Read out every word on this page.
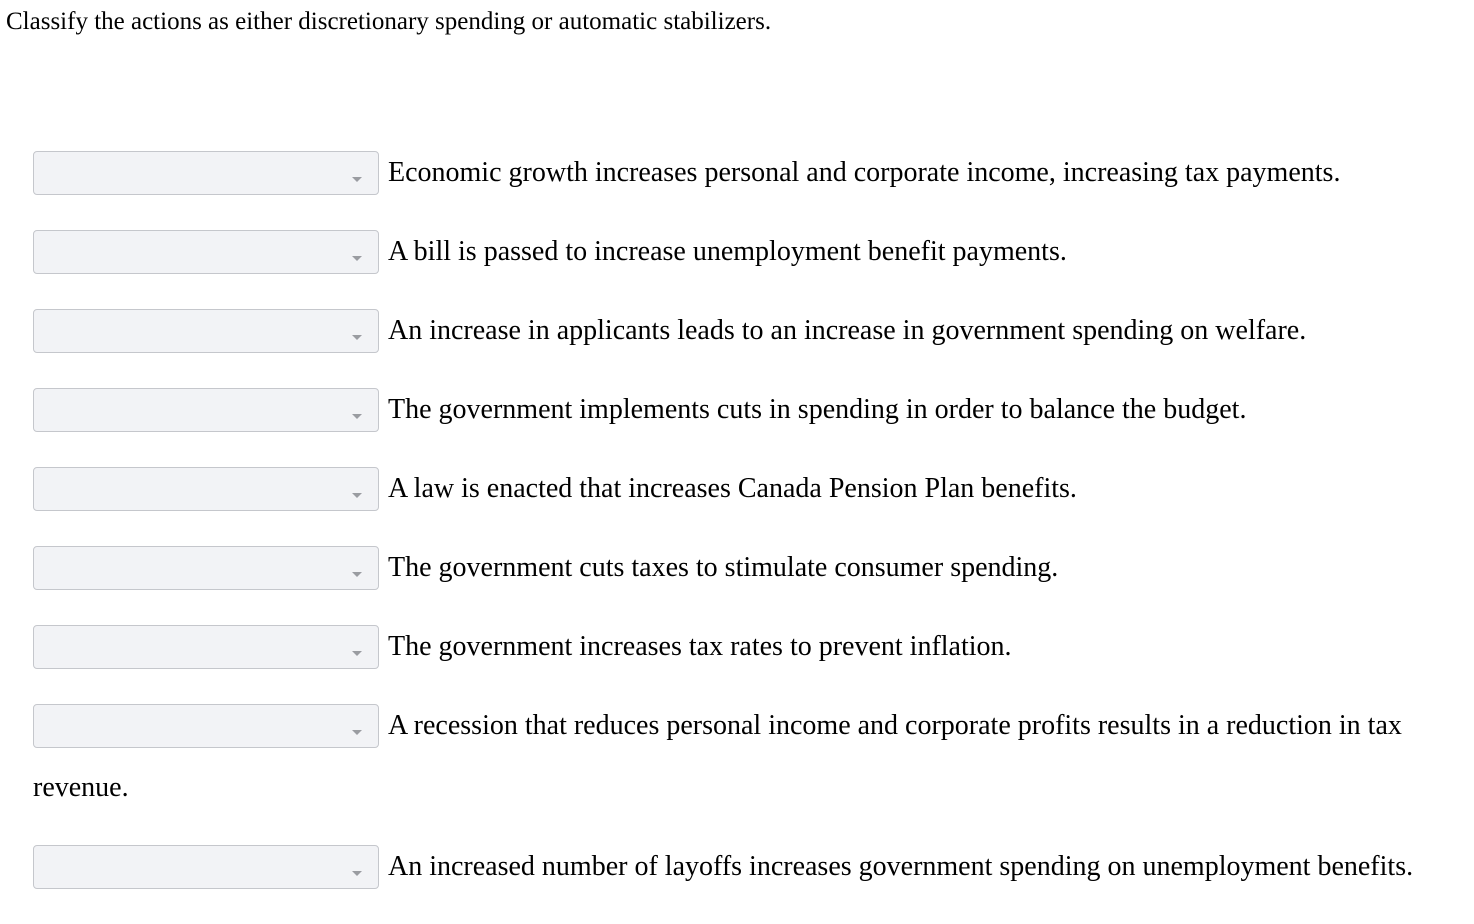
Classify the actions as either discretionary spending or automatic stabilizers.
Economic growth increases personal and corporate income, increasing tax payments.
A bill is passed to increase unemployment benefit payments.
An increase in applicants leads to an increase in government spending on welfare.
The government implements cuts in spending in order to balance the budget.
A law is enacted that increases Canada Pension Plan benefits.
The government cuts taxes to stimulate consumer spending.
The government increases tax rates to prevent inflation.
A recession that reduces personal income and corporate profits results in a reduction in tax revenue.
An increased number of layoffs increases government spending on unemployment benefits.
